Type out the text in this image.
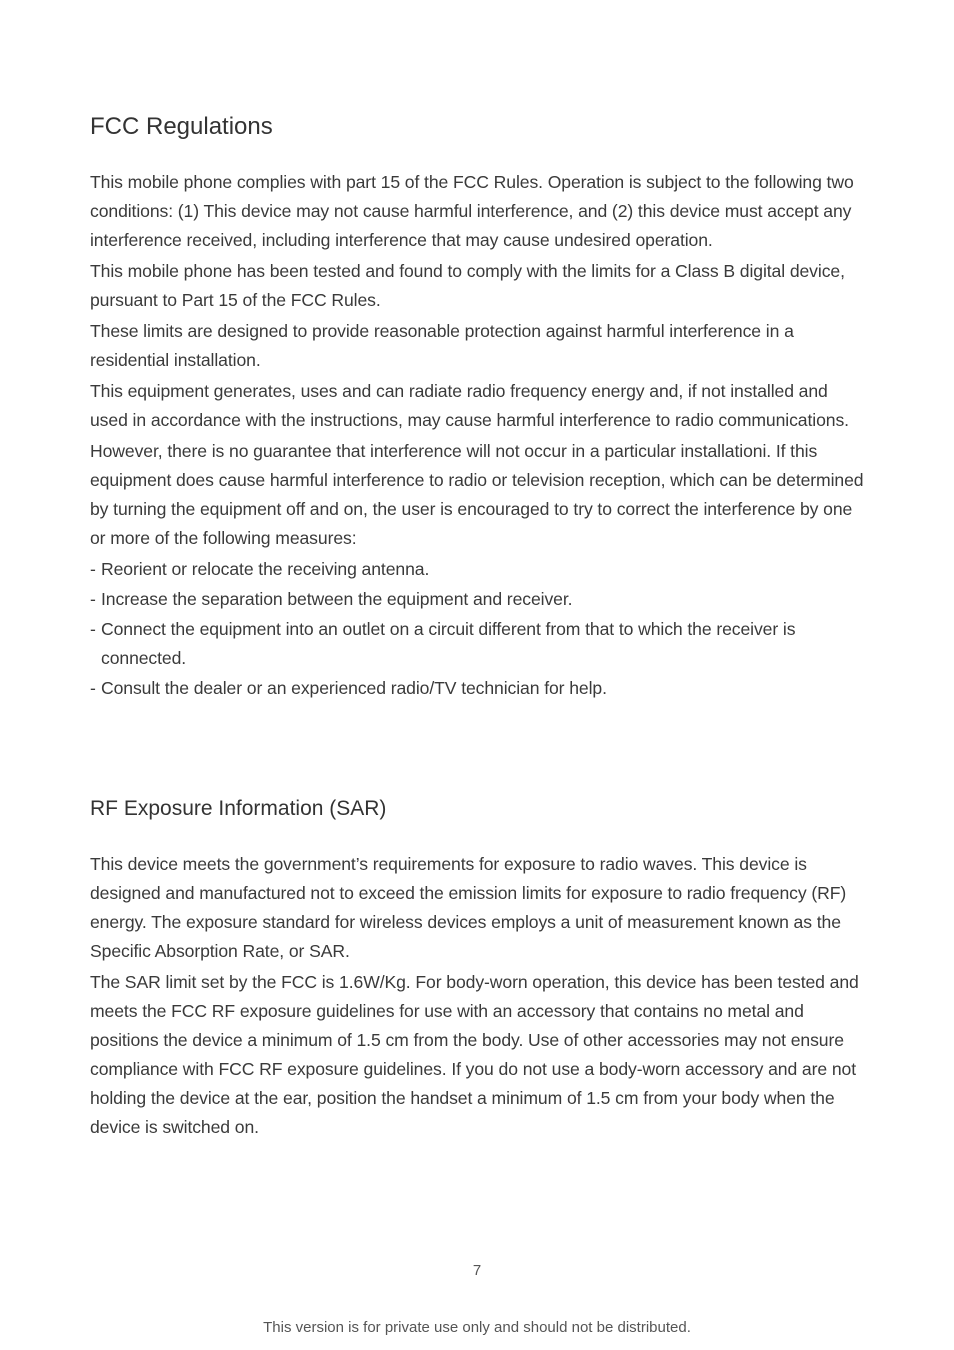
FCC Regulations

This mobile phone complies with part 15 of the FCC Rules. Operation is subject to the following two conditions: (1) This device may not cause harmful interference, and (2) this device must accept any interference received, including interference that may cause undesired operation.

This mobile phone has been tested and found to comply with the limits for a Class B digital device, pursuant to Part 15 of the FCC Rules.

These limits are designed to provide reasonable protection against harmful interference in a residential installation.

This equipment generates, uses and can radiate radio frequency energy and, if not installed and used in accordance with the instructions, may cause harmful interference to radio communications.

However, there is no guarantee that interference will not occur in a particular installationi. If this equipment does cause harmful interference to radio or television reception, which can be determined by turning the equipment off and on, the user is encouraged to try to correct the interference by one or more of the following measures:

- Reorient or relocate the receiving antenna.
- Increase the separation between the equipment and receiver.
- Connect the equipment into an outlet on a circuit different from that to which the receiver is connected.
- Consult the dealer or an experienced radio/TV technician for help.
RF Exposure Information (SAR)

This device meets the government’s requirements for exposure to radio waves. This device is designed and manufactured not to exceed the emission limits for exposure to radio frequency (RF) energy. The exposure standard for wireless devices employs a unit of measurement known as the Specific Absorption Rate, or SAR.

The SAR limit set by the FCC is 1.6W/Kg. For body-worn operation, this device has been tested and meets the FCC RF exposure guidelines for use with an accessory that contains no metal and positions the device a minimum of 1.5 cm from the body. Use of other accessories may not ensure compliance with FCC RF exposure guidelines. If you do not use a body-worn accessory and are not holding the device at the ear, position the handset a minimum of 1.5 cm from your body when the device is switched on.

7
This version is for private use only and should not be distributed.
